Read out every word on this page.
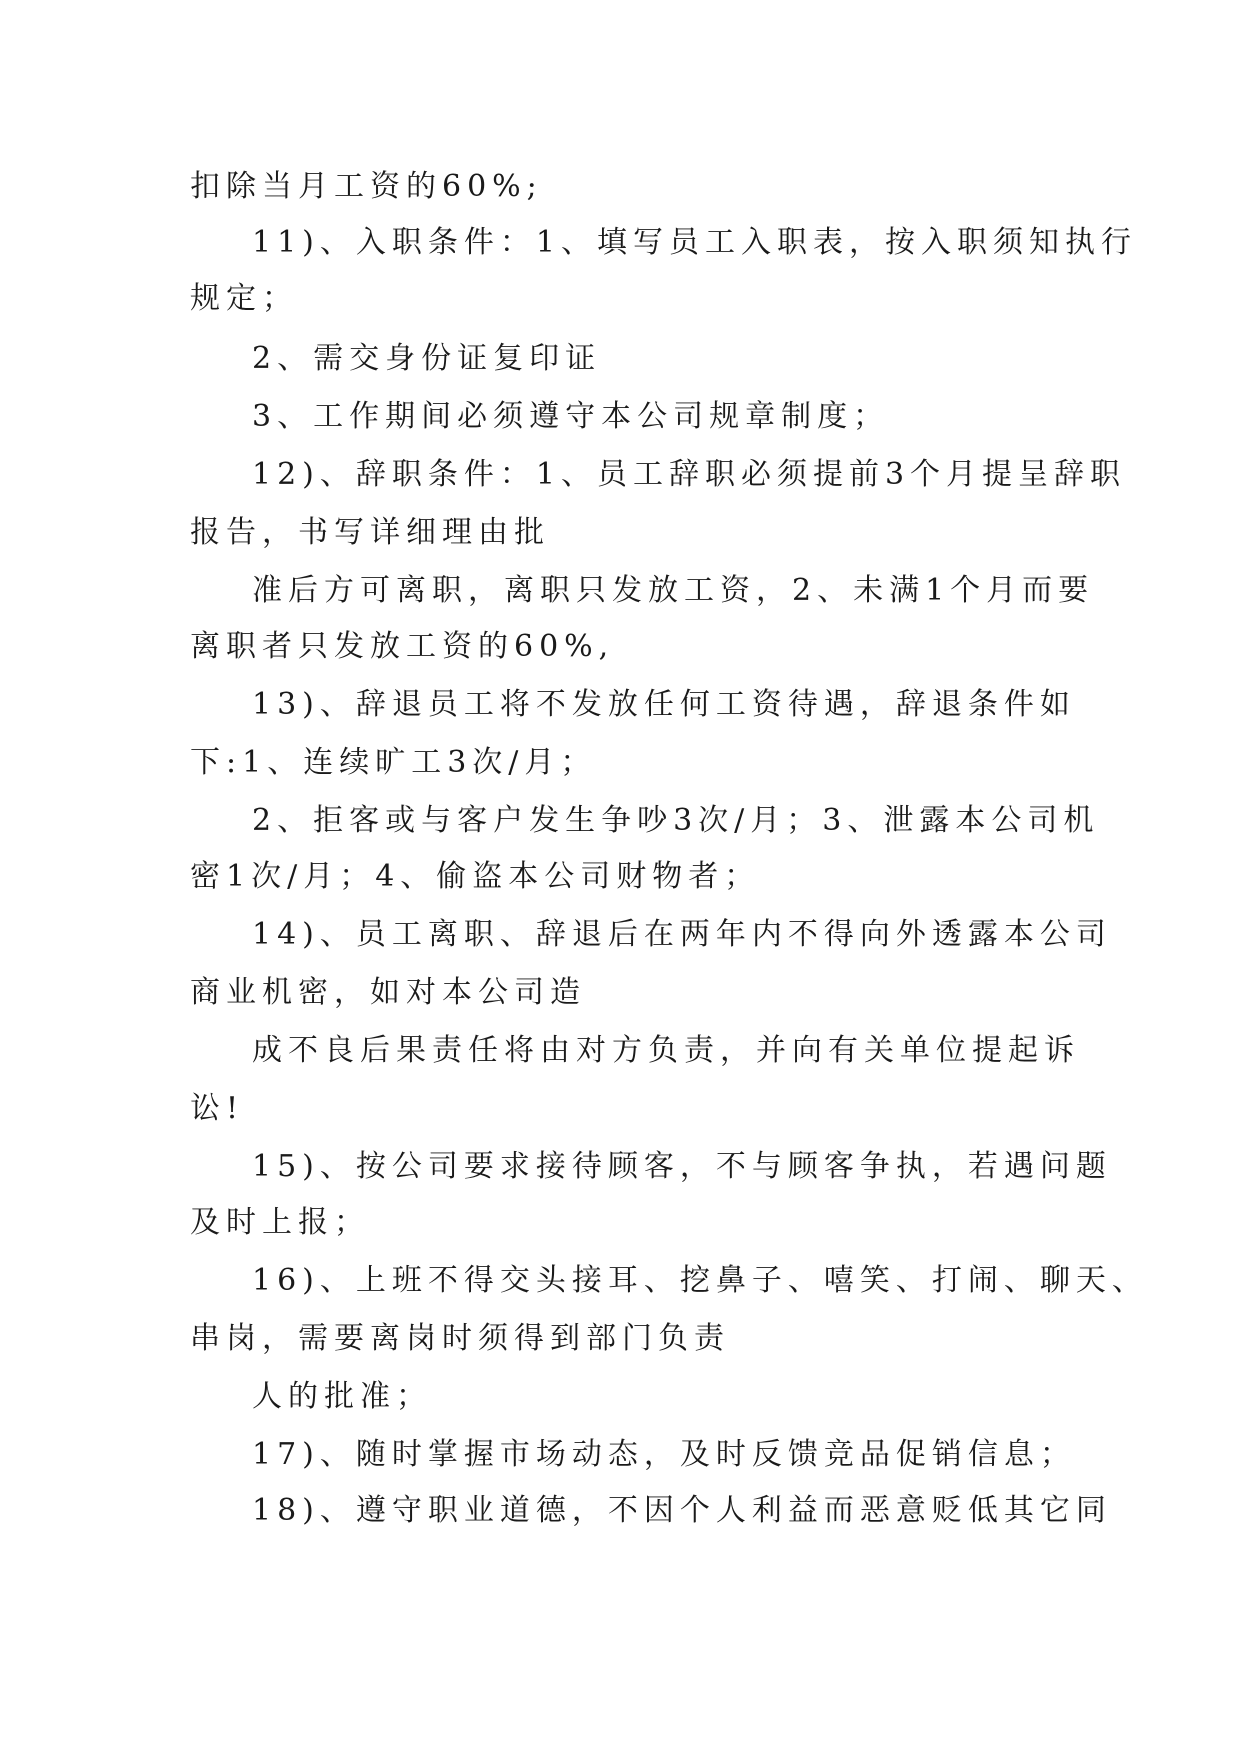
扣除当月工资的60%;
11)、入职条件：1、填写员工入职表，按入职须知执行
规定；
2、需交身份证复印证
3、工作期间必须遵守本公司规章制度；
12)、辞职条件：1、员工辞职必须提前3个月提呈辞职
报告，书写详细理由批
准后方可离职，离职只发放工资，2、未满1个月而要
离职者只发放工资的60%,
13)、辞退员工将不发放任何工资待遇，辞退条件如
下:1、连续旷工3次/月；
2、拒客或与客户发生争吵3次/月；3、泄露本公司机
密1次/月；4、偷盗本公司财物者；
14)、员工离职、辞退后在两年内不得向外透露本公司
商业机密，如对本公司造
成不良后果责任将由对方负责，并向有关单位提起诉
讼!
15)、按公司要求接待顾客，不与顾客争执，若遇问题
及时上报；
16)、上班不得交头接耳、挖鼻子、嘻笑、打闹、聊天、
串岗，需要离岗时须得到部门负责
人的批准；
17)、随时掌握市场动态，及时反馈竞品促销信息；
18)、遵守职业道德，不因个人利益而恶意贬低其它同
